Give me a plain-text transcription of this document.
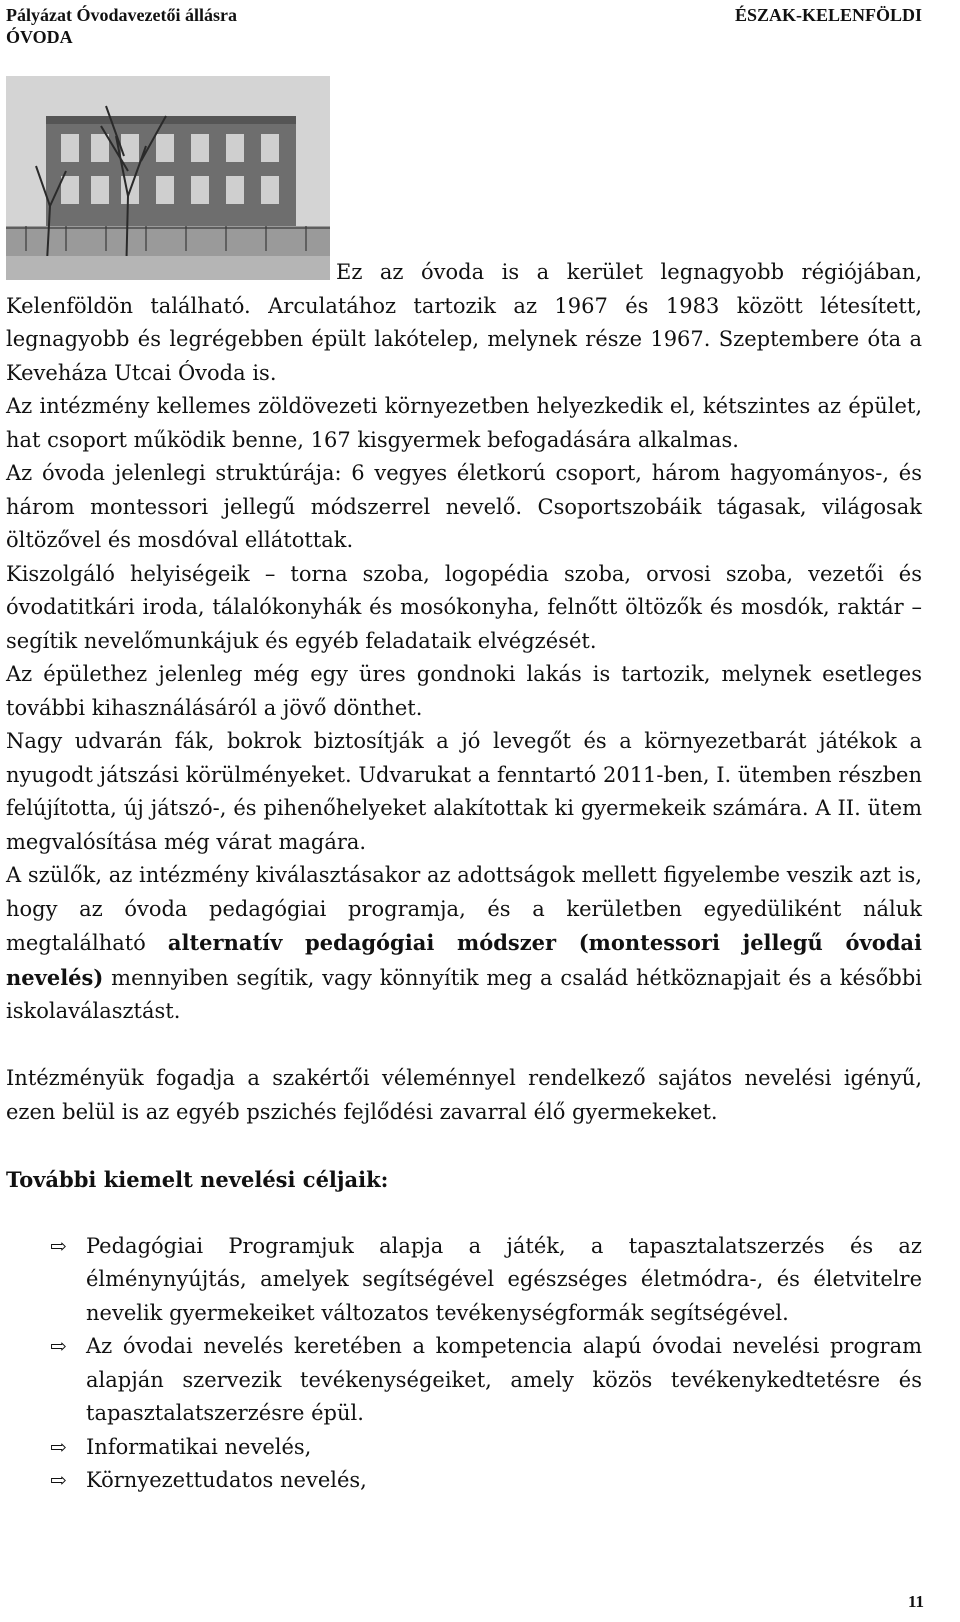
Pályázat Óvodavezetői állásra
ÓVODA
ÉSZAK-KELENFÖLDI

Ez az óvoda is a kerület legnagyobb régiójában, Kelenföldön található. Arculatához tartozik az 1967 és 1983 között létesített, legnagyobb és legrégebben épült lakótelep, melynek része 1967. Szeptembere óta a Keveháza Utcai Óvoda is.

Az intézmény kellemes zöldövezeti környezetben helyezkedik el, kétszintes az épület, hat csoport működik benne, 167 kisgyermek befogadására alkalmas.

Az óvoda jelenlegi struktúrája: 6 vegyes életkorú csoport, három hagyományos-, és három montessori jellegű módszerrel nevelő. Csoportszobáik tágasak, világosak öltözővel és mosdóval ellátottak.

Kiszolgáló helyiségeik – torna szoba, logopédia szoba, orvosi szoba, vezetői és óvodatitkári iroda, tálalókonyhák és mosókonyha, felnőtt öltözők és mosdók, raktár – segítik nevelőmunkájuk és egyéb feladataik elvégzését.

Az épülethez jelenleg még egy üres gondnoki lakás is tartozik, melynek esetleges további kihasználásáról a jövő dönthet.

Nagy udvarán fák, bokrok biztosítják a jó levegőt és a környezetbarát játékok a nyugodt játszási körülményeket. Udvarukat a fenntartó 2011-ben, I. ütemben részben felújította, új játszó-, és pihenőhelyeket alakítottak ki gyermekeik számára. A II. ütem megvalósítása még várat magára.

A szülők, az intézmény kiválasztásakor az adottságok mellett figyelembe veszik azt is, hogy az óvoda pedagógiai programja, és a kerületben egyedüliként náluk megtalálható alternatív pedagógiai módszer (montessori jellegű óvodai nevelés) mennyiben segítik, vagy könnyítik meg a család hétköznapjait és a későbbi iskolaválasztást.

Intézményük fogadja a szakértői véleménnyel rendelkező sajátos nevelési igényű, ezen belül is az egyéb pszichés fejlődési zavarral élő gyermekeket.

További kiemelt nevelési céljaik:

⇨ Pedagógiai Programjuk alapja a játék, a tapasztalatszerzés és az élménynyújtás, amelyek segítségével egészséges életmódra-, és életvitelre nevelik gyermekeiket változatos tevékenységformák segítségével.
⇨ Az óvodai nevelés keretében a kompetencia alapú óvodai nevelési program alapján szervezik tevékenységeiket, amely közös tevékenykedtetésre és tapasztalatszerzésre épül.
⇨ Informatikai nevelés,
⇨ Környezettudatos nevelés,
11
